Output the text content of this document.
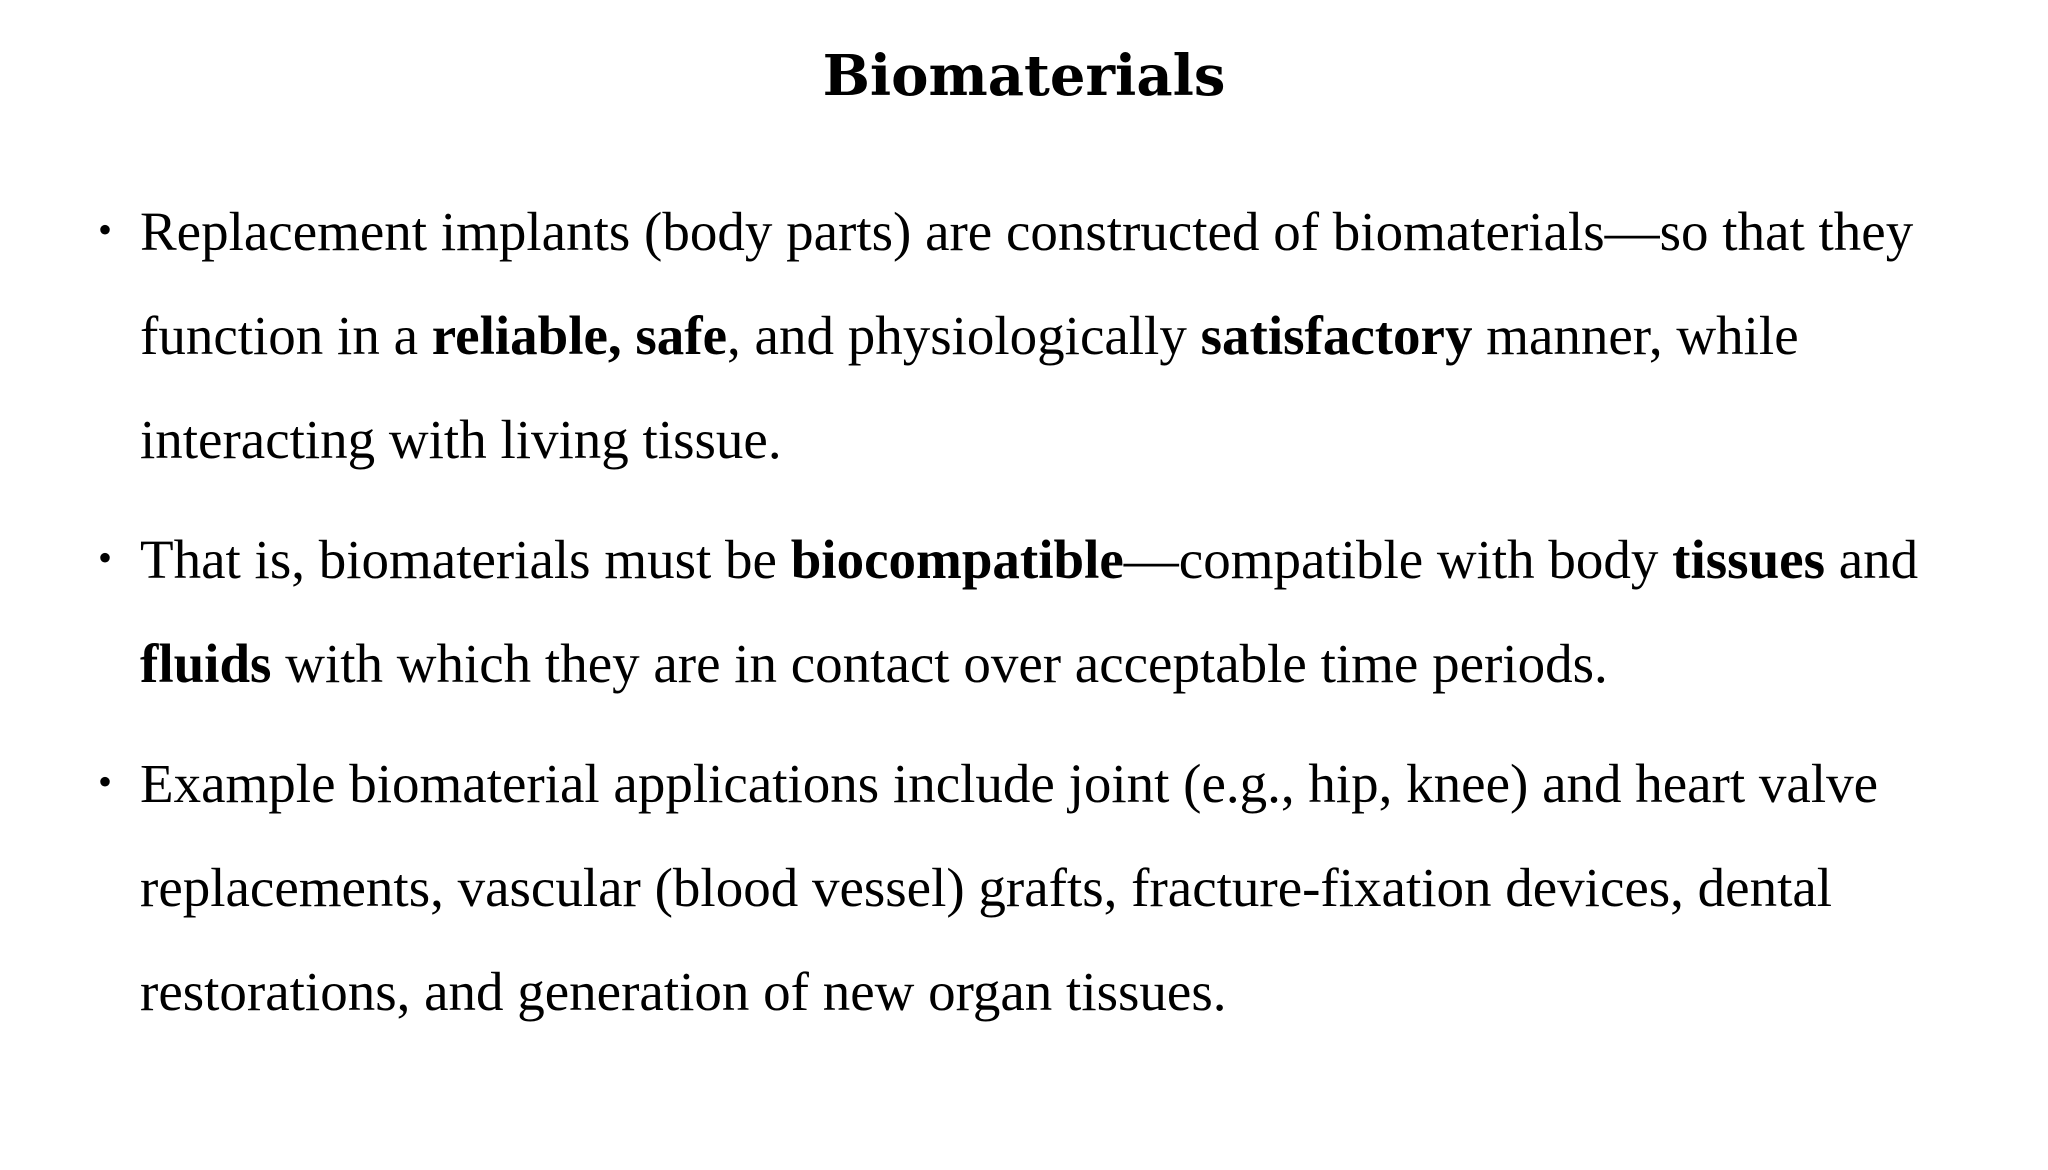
Biomaterials
• Replacement implants (body parts) are constructed of biomaterials—so that they function in a reliable, safe, and physiologically satisfactory manner, while interacting with living tissue.
• That is, biomaterials must be biocompatible—compatible with body tissues and fluids with which they are in contact over acceptable time periods.
• Example biomaterial applications include joint (e.g., hip, knee) and heart valve replacements, vascular (blood vessel) grafts, fracture-fixation devices, dental restorations, and generation of new organ tissues.
